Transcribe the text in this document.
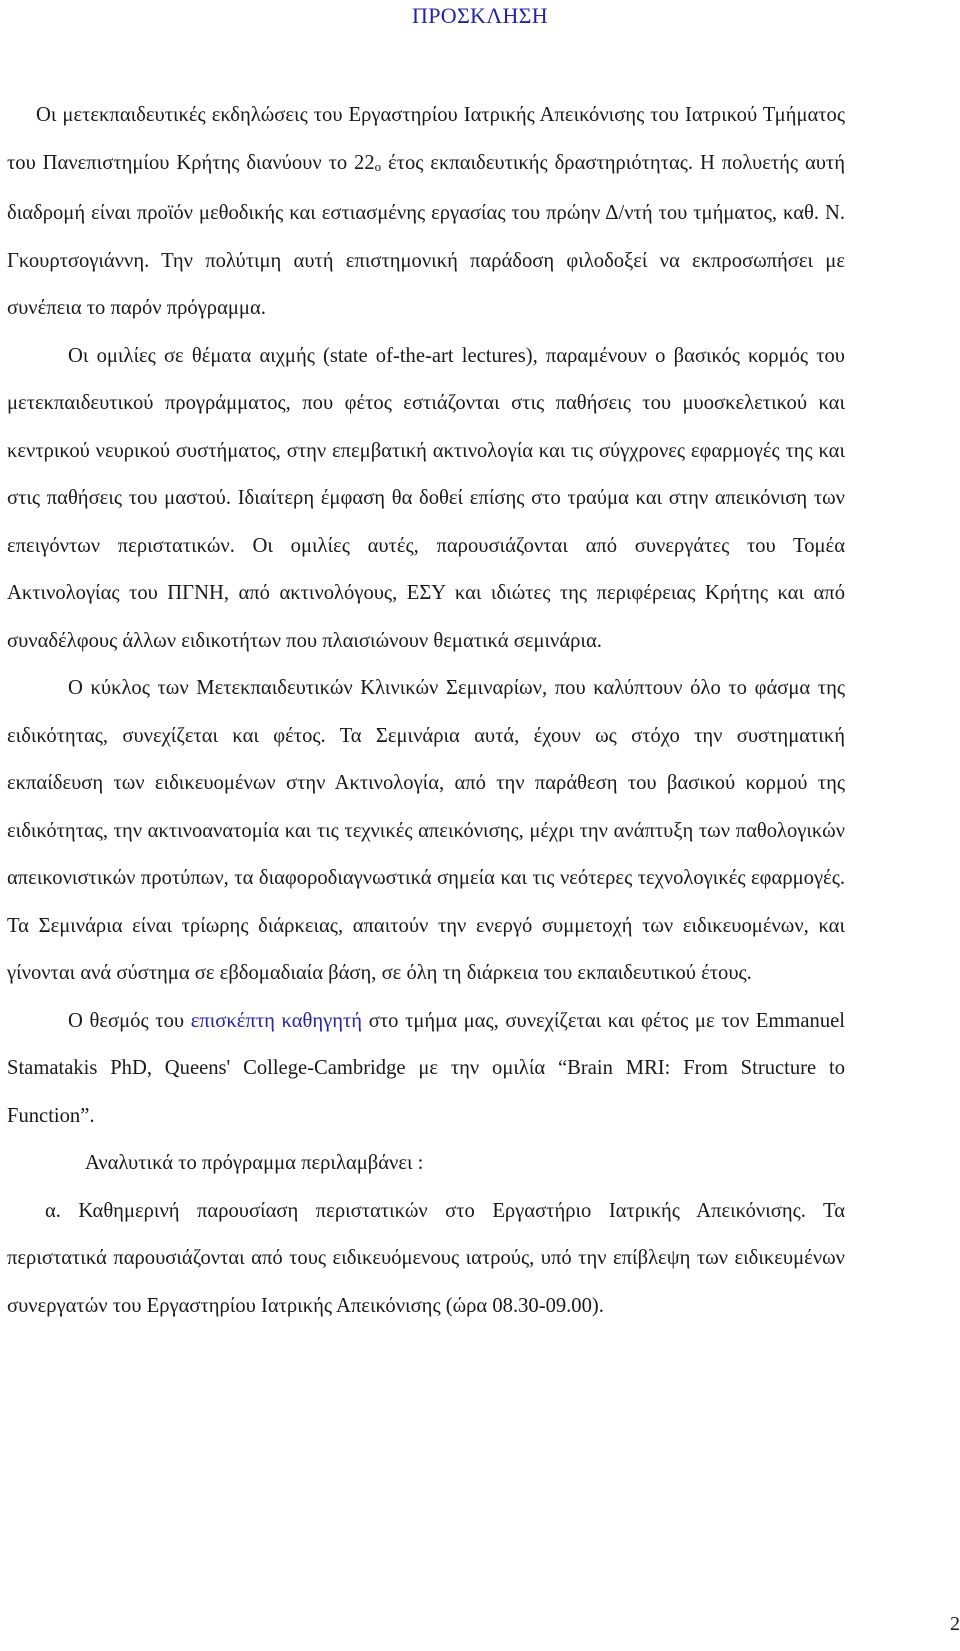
ΠΡΟΣΚΛΗΣΗ

Οι μετεκπαιδευτικές εκδηλώσεις του Εργαστηρίου Ιατρικής Απεικόνισης του Ιατρικού Τμήματος του Πανεπιστημίου Κρήτης διανύουν το 22ο έτος εκπαιδευτικής δραστηριότητας. Η πολυετής αυτή διαδρομή είναι προϊόν μεθοδικής και εστιασμένης εργασίας του πρώην Δ/ντή του τμήματος, καθ. Ν. Γκουρτσογιάννη. Την πολύτιμη αυτή επιστημονική παράδοση φιλοδοξεί να εκπροσωπήσει με συνέπεια το παρόν πρόγραμμα.

Οι ομιλίες σε θέματα αιχμής (state of-the-art lectures), παραμένουν ο βασικός κορμός του μετεκπαιδευτικού προγράμματος, που φέτος εστιάζονται στις παθήσεις του μυοσκελετικού και κεντρικού νευρικού συστήματος, στην επεμβατική ακτινολογία και τις σύγχρονες εφαρμογές της και στις παθήσεις του μαστού. Ιδιαίτερη έμφαση θα δοθεί επίσης στο τραύμα και στην απεικόνιση των επειγόντων περιστατικών. Οι ομιλίες αυτές, παρουσιάζονται από συνεργάτες του Τομέα Ακτινολογίας του ΠΓΝΗ, από ακτινολόγους, ΕΣΥ και ιδιώτες της περιφέρειας Κρήτης και από συναδέλφους άλλων ειδικοτήτων που πλαισιώνουν θεματικά σεμινάρια.

Ο κύκλος των Μετεκπαιδευτικών Κλινικών Σεμιναρίων, που καλύπτουν όλο το φάσμα της ειδικότητας, συνεχίζεται και φέτος. Τα Σεμινάρια αυτά, έχουν ως στόχο την συστηματική εκπαίδευση των ειδικευομένων στην Ακτινολογία, από την παράθεση του βασικού κορμού της ειδικότητας, την ακτινοανατομία και τις τεχνικές απεικόνισης, μέχρι την ανάπτυξη των παθολογικών απεικονιστικών προτύπων, τα διαφοροδιαγνωστικά σημεία και τις νεότερες τεχνολογικές εφαρμογές. Τα Σεμινάρια είναι τρίωρης διάρκειας, απαιτούν την ενεργό συμμετοχή των ειδικευομένων, και γίνονται ανά σύστημα σε εβδομαδιαία βάση, σε όλη τη διάρκεια του εκπαιδευτικού έτους.

Ο θεσμός του επισκέπτη καθηγητή στο τμήμα μας, συνεχίζεται και φέτος με τον Emmanuel Stamatakis PhD, Queens' College-Cambridge με την ομιλία “Brain MRI: From Structure to Function”.

Αναλυτικά το πρόγραμμα περιλαμβάνει :

α. Καθημερινή παρουσίαση περιστατικών στο Εργαστήριο Ιατρικής Απεικόνισης. Τα περιστατικά παρουσιάζονται από τους ειδικευόμενους ιατρούς, υπό την επίβλεψη των ειδικευμένων συνεργατών του Εργαστηρίου Ιατρικής Απεικόνισης (ώρα 08.30-09.00).

2
